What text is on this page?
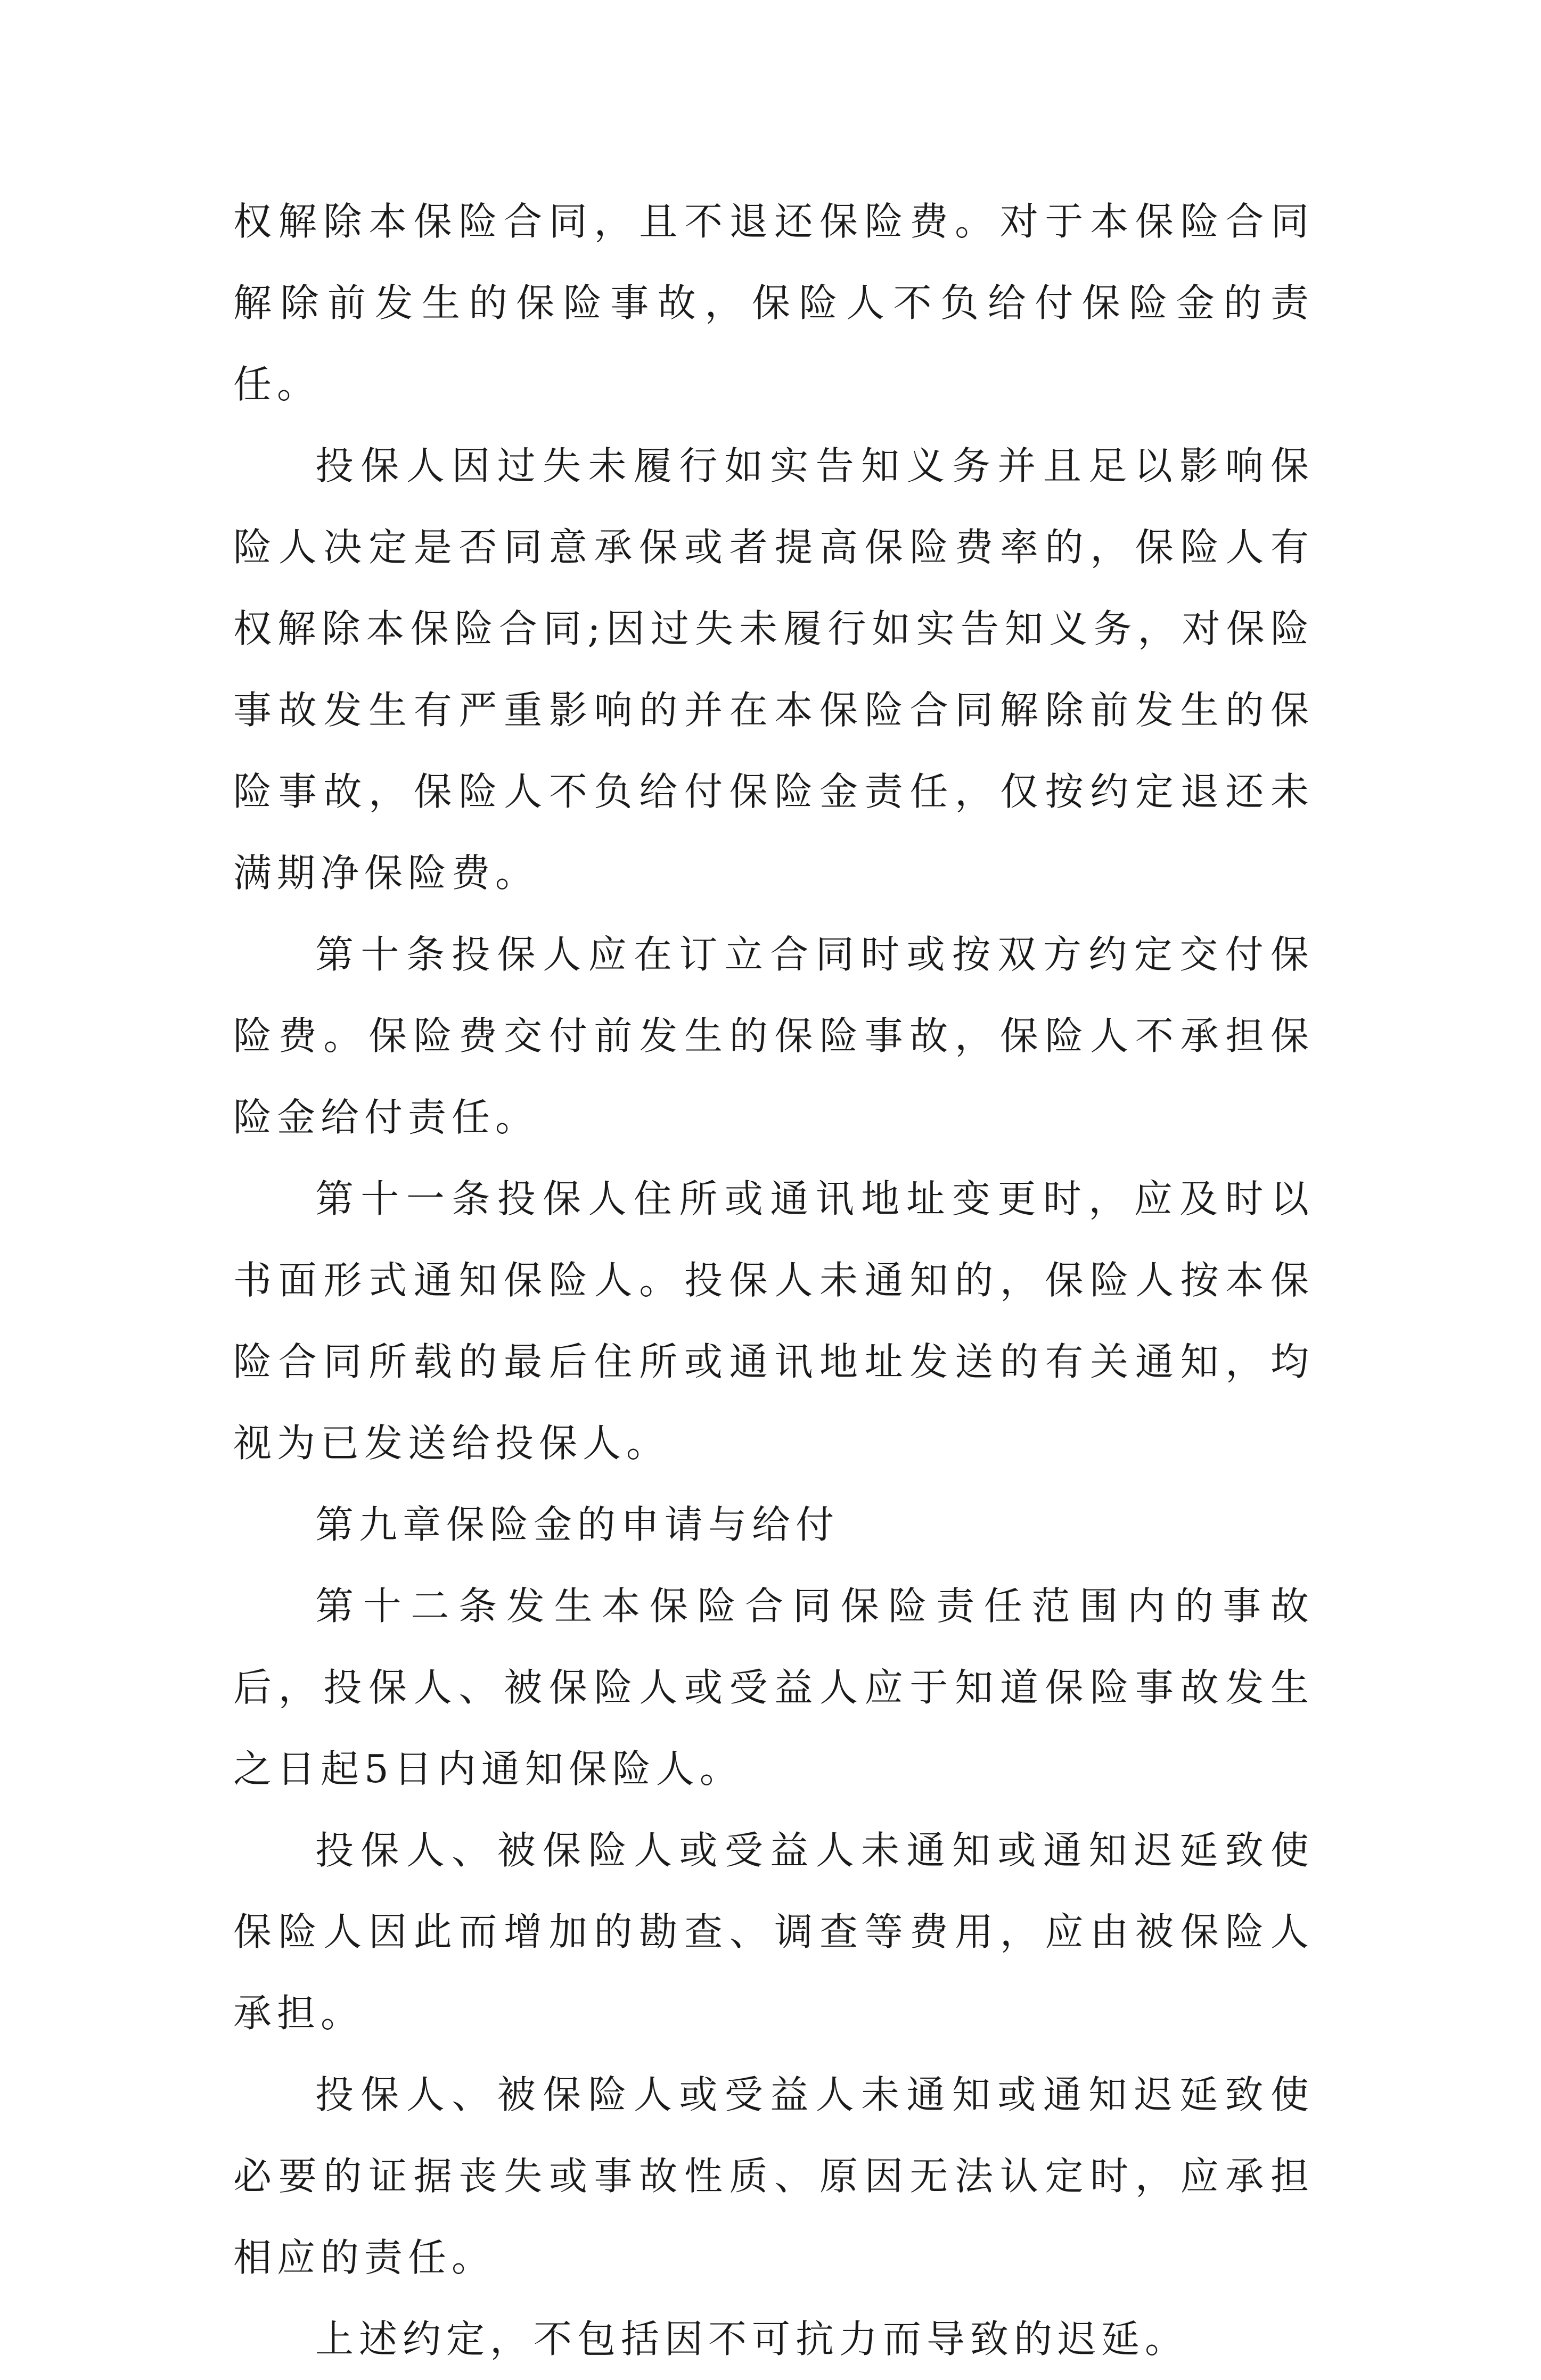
权解除本保险合同，且不退还保险费。对于本保险合同解除前发生的保险事故，保险人不负给付保险金的责任。

投保人因过失未履行如实告知义务并且足以影响保险人决定是否同意承保或者提高保险费率的，保险人有权解除本保险合同;因过失未履行如实告知义务，对保险事故发生有严重影响的并在本保险合同解除前发生的保险事故，保险人不负给付保险金责任，仅按约定退还未满期净保险费。

第十条投保人应在订立合同时或按双方约定交付保险费。保险费交付前发生的保险事故，保险人不承担保险金给付责任。

第十一条投保人住所或通讯地址变更时，应及时以书面形式通知保险人。投保人未通知的，保险人按本保险合同所载的最后住所或通讯地址发送的有关通知，均视为已发送给投保人。

第九章保险金的申请与给付

第十二条发生本保险合同保险责任范围内的事故后，投保人、被保险人或受益人应于知道保险事故发生之日起5日内通知保险人。

投保人、被保险人或受益人未通知或通知迟延致使保险人因此而增加的勘查、调查等费用，应由被保险人承担。

投保人、被保险人或受益人未通知或通知迟延致使必要的证据丧失或事故性质、原因无法认定时，应承担相应的责任。

上述约定，不包括因不可抗力而导致的迟延。
